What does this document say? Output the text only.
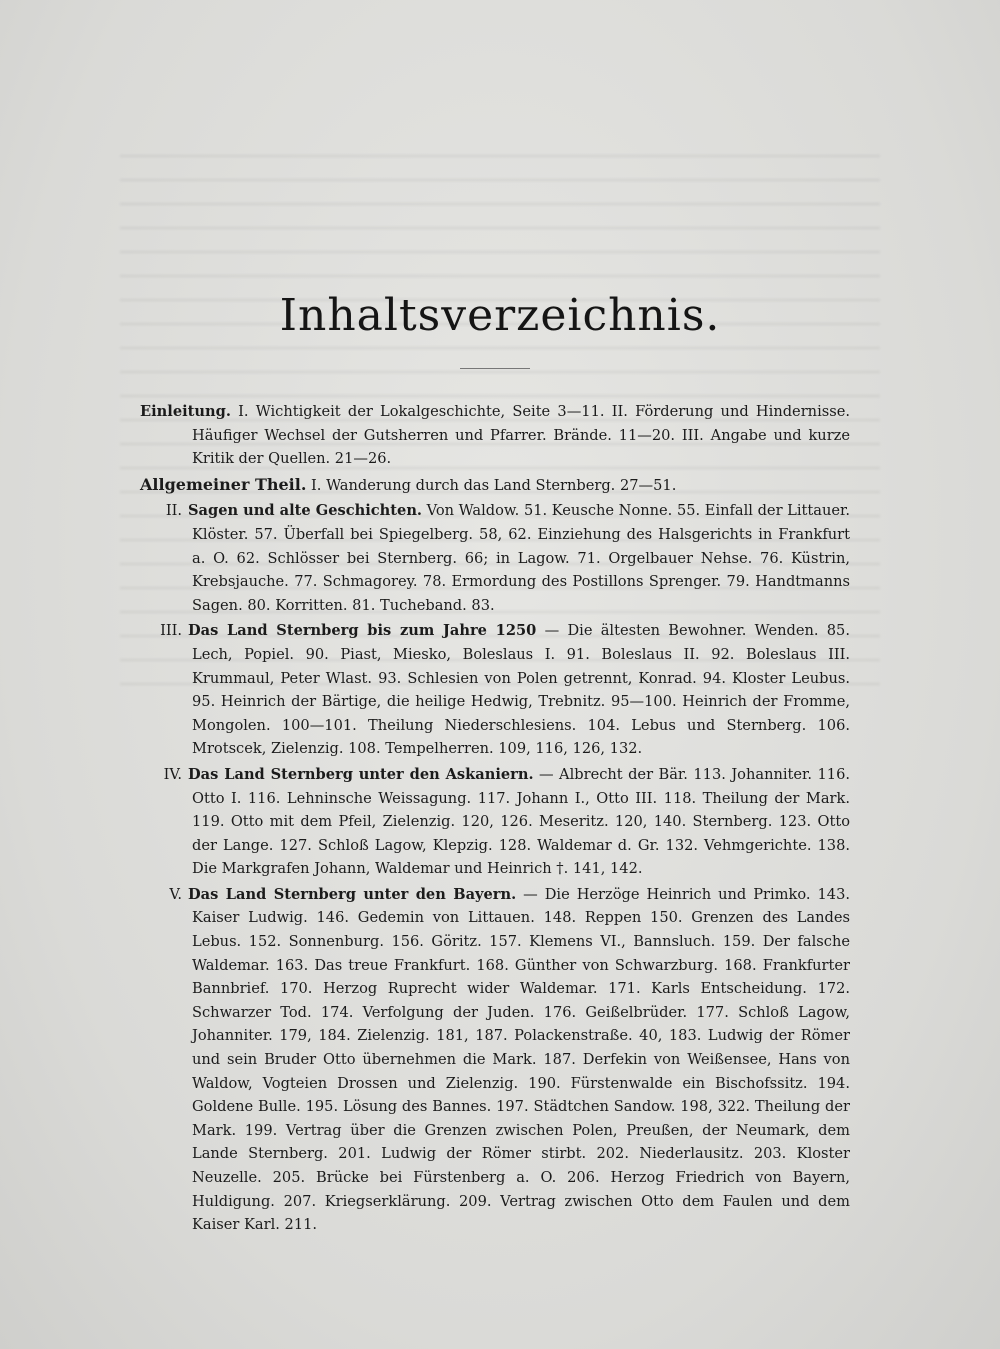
Inhaltsverzeichnis.

Einleitung. I. Wichtigkeit der Lokalgeschichte, Seite 3—11. II. Förderung und Hindernisse. Häufiger Wechsel der Gutsherren und Pfarrer. Brände. 11—20. III. Angabe und kurze Kritik der Quellen. 21—26.

Allgemeiner Theil. I. Wanderung durch das Land Sternberg. 27—51.

II. Sagen und alte Geschichten. Von Waldow. 51. Keusche Nonne. 55. Einfall der Littauer. Klöster. 57. Überfall bei Spiegelberg. 58, 62. Einziehung des Halsgerichts in Frankfurt a. O. 62. Schlösser bei Sternberg. 66; in Lagow. 71. Orgelbauer Nehse. 76. Küstrin, Krebsjauche. 77. Schmagorey. 78. Ermordung des Postillons Sprenger. 79. Handtmanns Sagen. 80. Korritten. 81. Tucheband. 83.

III. Das Land Sternberg bis zum Jahre 1250 — Die ältesten Bewohner. Wenden. 85. Lech, Popiel. 90. Piast, Miesko, Boleslaus I. 91. Boleslaus II. 92. Boleslaus III. Krummaul, Peter Wlast. 93. Schlesien von Polen getrennt, Konrad. 94. Kloster Leubus. 95. Heinrich der Bärtige, die heilige Hedwig, Trebnitz. 95—100. Heinrich der Fromme, Mongolen. 100—101. Theilung Niederschlesiens. 104. Lebus und Sternberg. 106. Mrotscek, Zielenzig. 108. Tempelherren. 109, 116, 126, 132.

IV. Das Land Sternberg unter den Askaniern. — Albrecht der Bär. 113. Johanniter. 116. Otto I. 116. Lehninsche Weissagung. 117. Johann I., Otto III. 118. Theilung der Mark. 119. Otto mit dem Pfeil, Zielenzig. 120, 126. Meseritz. 120, 140. Sternberg. 123. Otto der Lange. 127. Schloß Lagow, Klepzig. 128. Waldemar d. Gr. 132. Vehmgerichte. 138. Die Markgrafen Johann, Waldemar und Heinrich †. 141, 142.

V. Das Land Sternberg unter den Bayern. — Die Herzöge Heinrich und Primko. 143. Kaiser Ludwig. 146. Gedemin von Littauen. 148. Reppen 150. Grenzen des Landes Lebus. 152. Sonnenburg. 156. Göritz. 157. Klemens VI., Bannsluch. 159. Der falsche Waldemar. 163. Das treue Frankfurt. 168. Günther von Schwarzburg. 168. Frankfurter Bannbrief. 170. Herzog Ruprecht wider Waldemar. 171. Karls Entscheidung. 172. Schwarzer Tod. 174. Verfolgung der Juden. 176. Geißelbrüder. 177. Schloß Lagow, Johanniter. 179, 184. Zielenzig. 181, 187. Polackenstraße. 40, 183. Ludwig der Römer und sein Bruder Otto übernehmen die Mark. 187. Derfekin von Weißensee, Hans von Waldow, Vogteien Drossen und Zielenzig. 190. Fürstenwalde ein Bischofssitz. 194. Goldene Bulle. 195. Lösung des Bannes. 197. Städtchen Sandow. 198, 322. Theilung der Mark. 199. Vertrag über die Grenzen zwischen Polen, Preußen, der Neumark, dem Lande Sternberg. 201. Ludwig der Römer stirbt. 202. Niederlausitz. 203. Kloster Neuzelle. 205. Brücke bei Fürstenberg a. O. 206. Herzog Friedrich von Bayern, Huldigung. 207. Kriegserklärung. 209. Vertrag zwischen Otto dem Faulen und dem Kaiser Karl. 211.
